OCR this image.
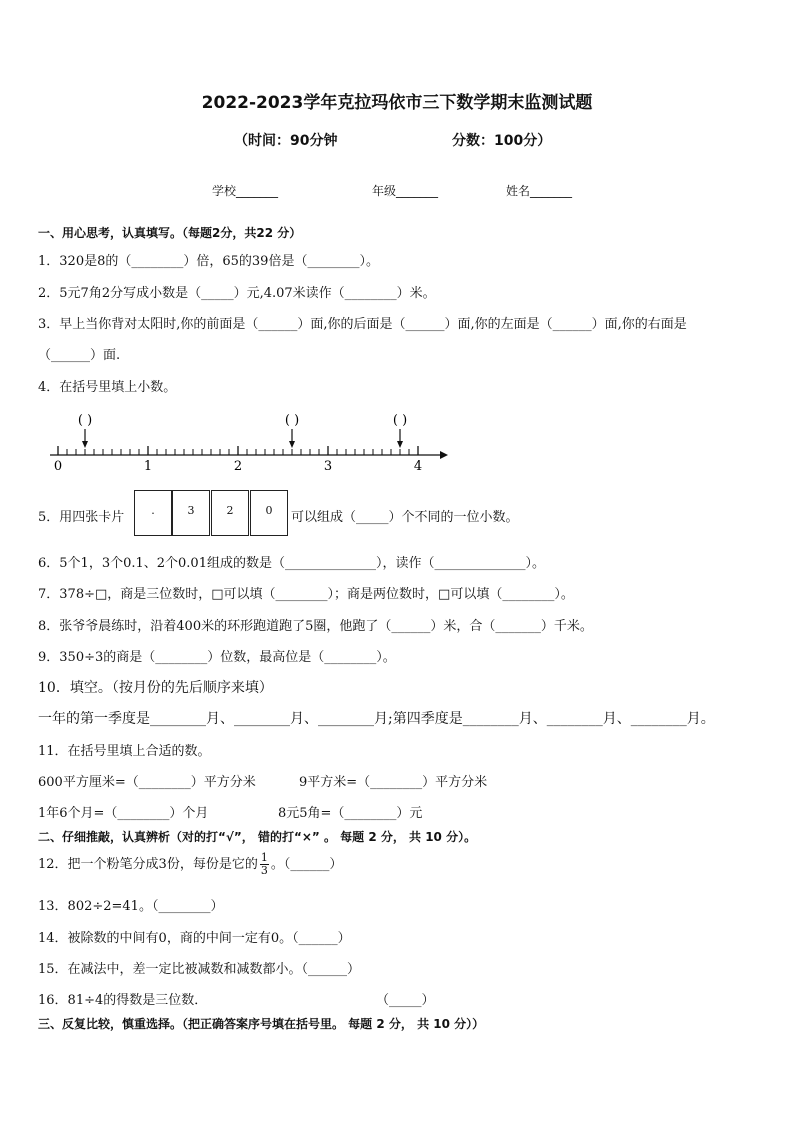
2022-2023学年克拉玛依市三下数学期末监测试题
（时间：90分钟	分数：100分）
学校_______	年级_______	姓名_______
一、用心思考，认真填写。（每题2分，共22 分）
1．320是8的（________）倍，65的39倍是（________）。
2．5元7角2分写成小数是（_____）元,4.07米读作（________）米。
3．早上当你背对太阳时,你的前面是（______）面,你的后面是（______）面,你的左面是（______）面,你的右面是
（______）面.
4．在括号里填上小数。
0	1	2	3	4
( )	( )	( )
5．用四张卡片	.	3	2	0	可以组成（_____）个不同的一位小数。
6．5个1，3个0.1、2个0.01组成的数是（______________），读作（______________）。
7．378÷□，商是三位数时，□可以填（________）；商是两位数时，□可以填（________）。
8．张爷爷晨练时，沿着400米的环形跑道跑了5圈，他跑了（______）米，合（_______）千米。
9．350÷3的商是（________）位数，最高位是（________）。
10．填空。（按月份的先后顺序来填）
一年的第一季度是________月、________月、________月;第四季度是________月、________月、________月。
11．在括号里填上合适的数。
600平方厘米=（________）平方分米	9平方米=（________）平方分米
1年6个月=（________）个月	8元5角=（________）元
二、仔细推敲，认真辨析（对的打“√”， 错的打“×” 。 每题 2 分， 共 10 分）。
12．把一个粉笔分成3份，每份是它的 $\frac{1}{3}$ 。（______）
13．802÷2=41。（________）
14．被除数的中间有0，商的中间一定有0。（______）
15．在减法中，差一定比被减数和减数都小。（______）
16．81÷4的得数是三位数．	（_____）
三、反复比较，慎重选择。（把正确答案序号填在括号里。 每题 2 分， 共 10 分））
